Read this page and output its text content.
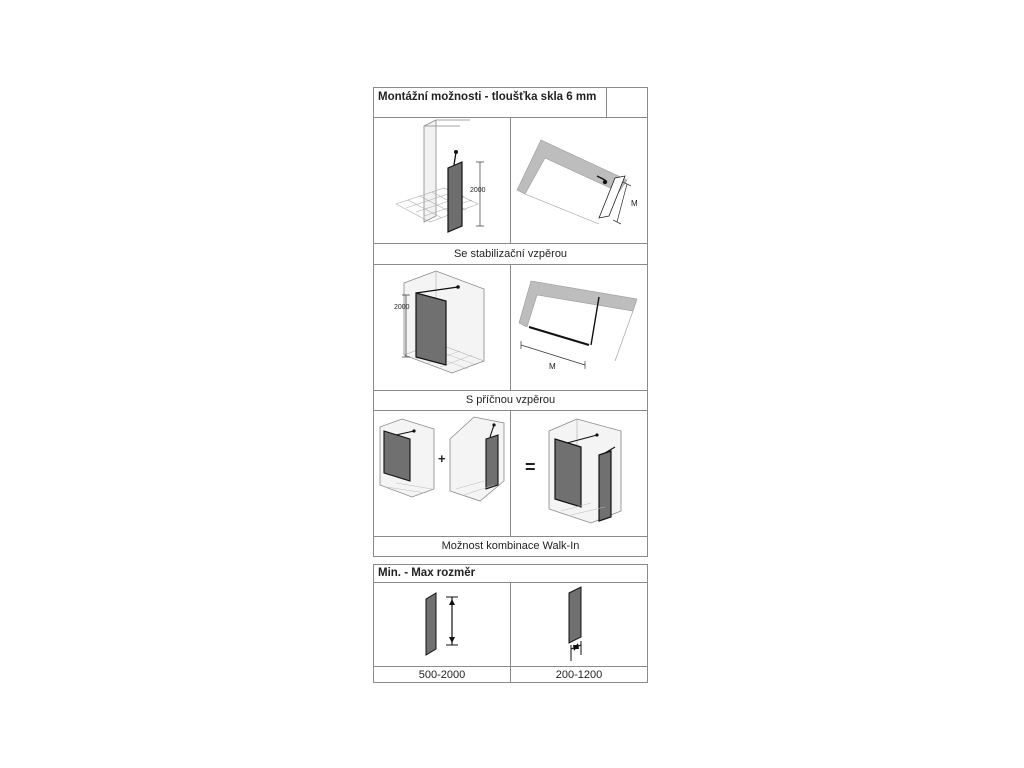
Montážní možnosti - tloušťka skla 6 mm
Se stabilizační vzpěrou
S příčnou vzpěrou
Možnost kombinace Walk-In
2000
M
2000
M
+	=
Min. - Max rozměr
500-2000	200-1200
